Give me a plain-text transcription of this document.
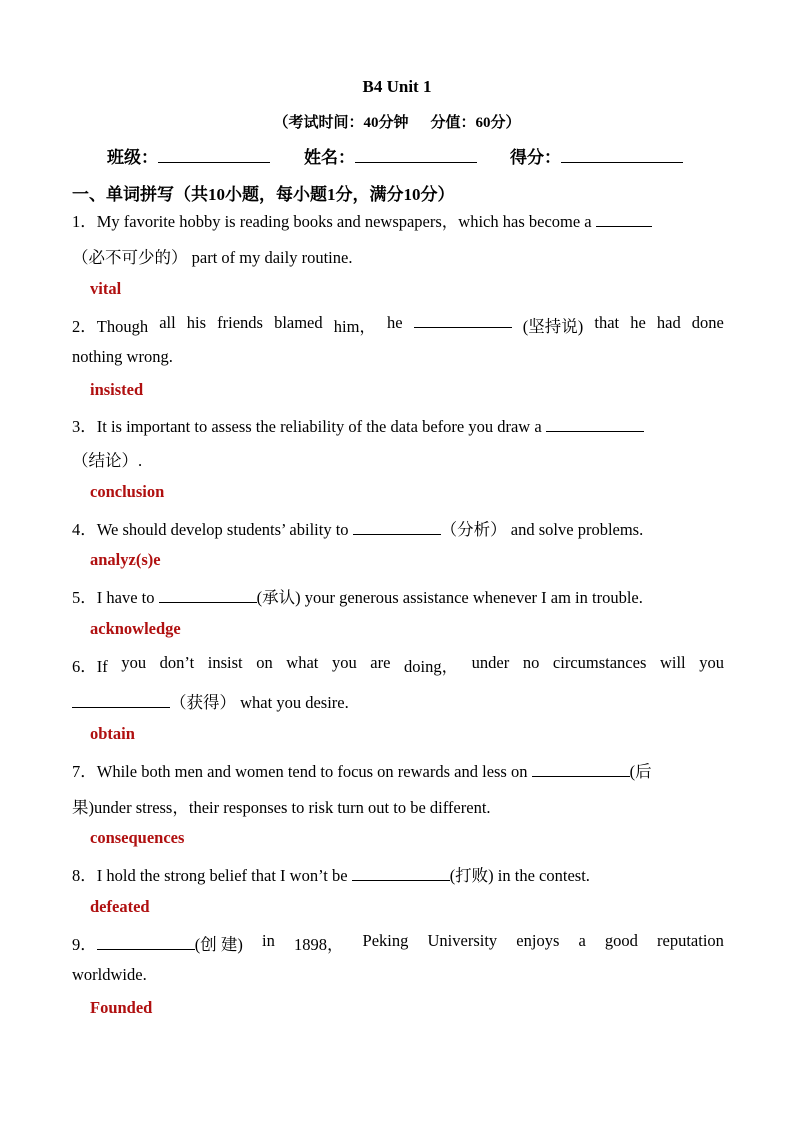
B4 Unit 1
（考试时间：40分钟 分值：60分）
班级：	姓名：	得分：
一、单词拼写（共10小题，每小题1分，满分10分）
1．My favorite hobby is reading books and newspapers，which has become a
（必不可少的） part of my daily routine.
vital
2．Though all his friends blamed him， he	(坚持说) that he had done
nothing wrong.
insisted
3．It is important to assess the reliability of the data before you draw a
（结论）.
conclusion
4．We should develop students’ ability to	（分析） and solve problems.
analyz(s)e
5．I have to	(承认) your generous assistance whenever I am in trouble.
acknowledge
6．If you don’t insist on what you are doing， under no circumstances will you
（获得） what you desire.
obtain
7．While both men and women tend to focus on rewards and less on	(后
果)under stress，their responses to risk turn out to be different.
consequences
8．I hold the strong belief that I won’t be	(打败) in the contest.
defeated
9．	(创 建) in 1898， Peking University enjoys a good reputation
worldwide.
Founded
